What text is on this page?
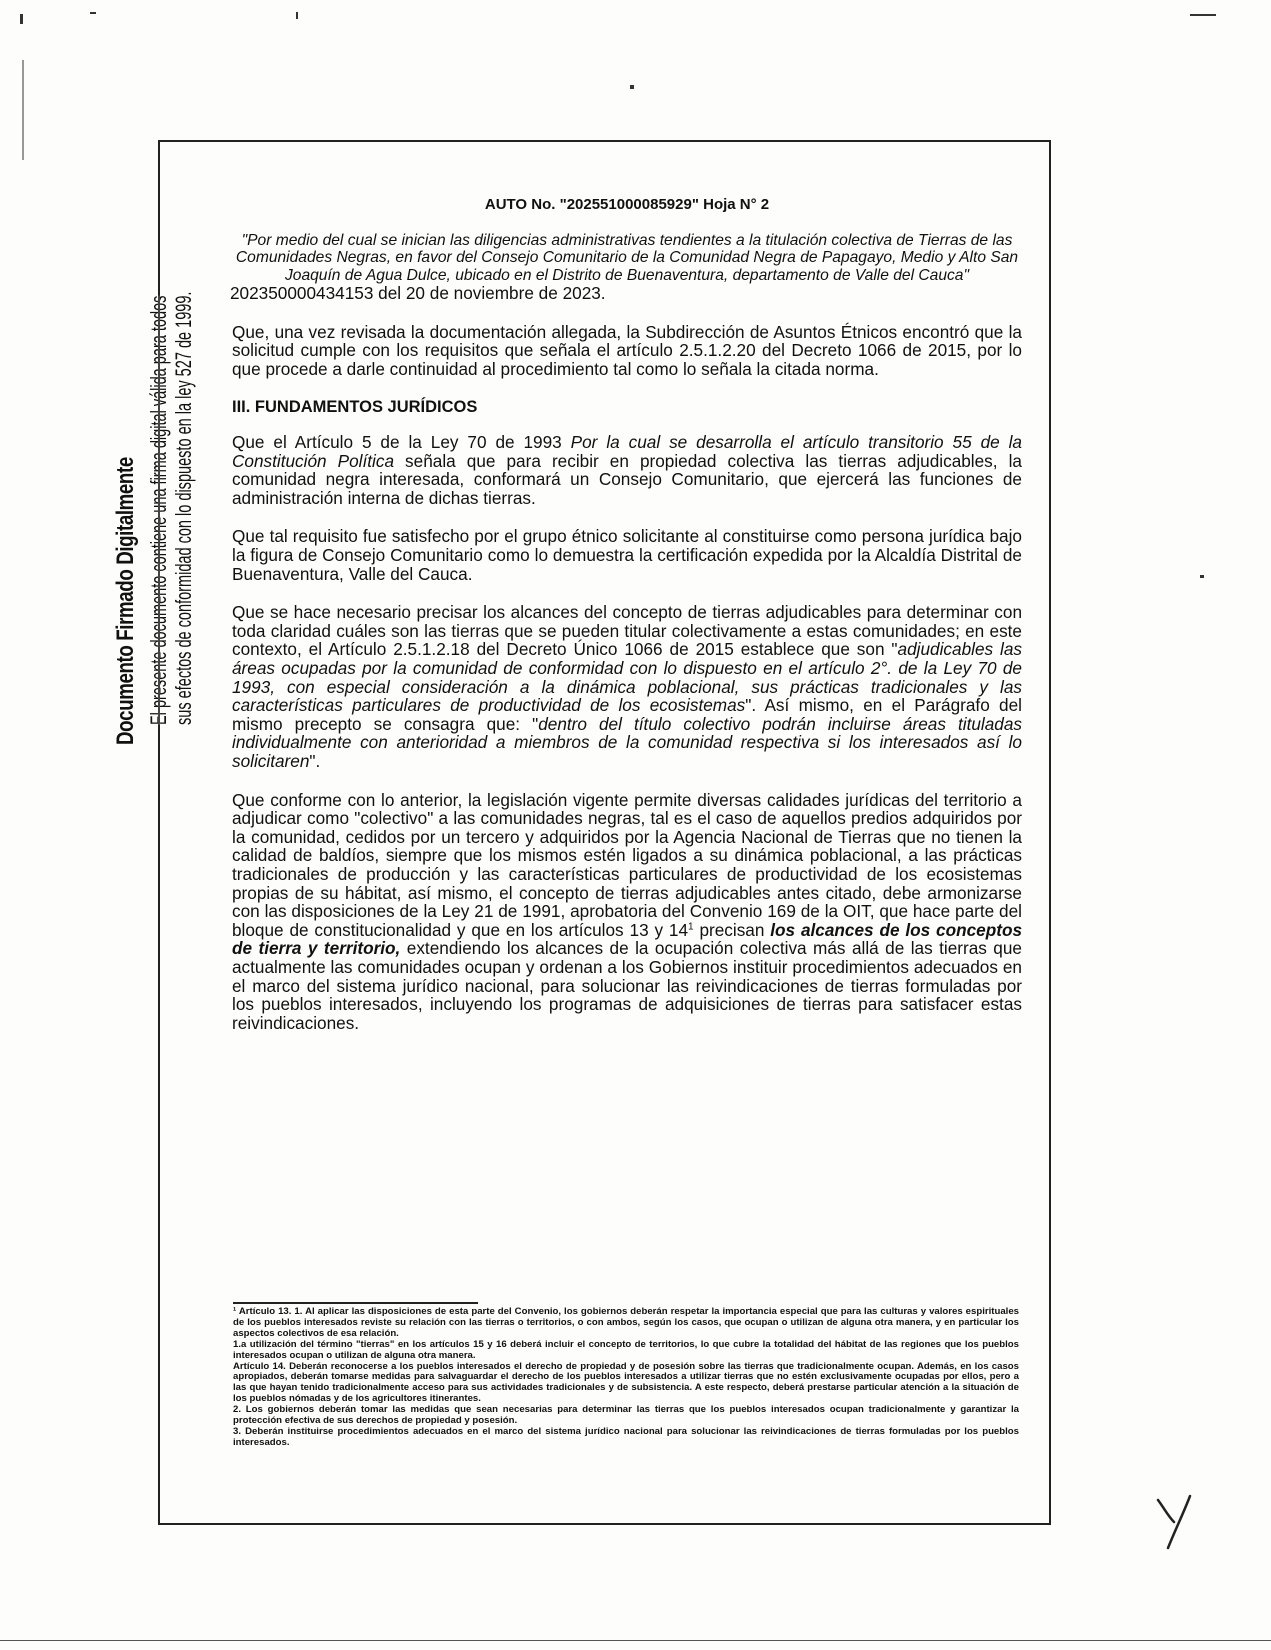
Documento Firmado Digitalmente El presente documento contiene una firma digital válida para todos sus efectos de conformidad con lo dispuesto en la ley 527 de 1999.
AUTO No. "202551000085929" Hoja N° 2
"Por medio del cual se inician las diligencias administrativas tendientes a la titulación colectiva de Tierras de las Comunidades Negras, en favor del Consejo Comunitario de la Comunidad Negra de Papagayo, Medio y Alto San Joaquín de Agua Dulce, ubicado en el Distrito de Buenaventura, departamento de Valle del Cauca"
202350000434153 del 20 de noviembre de 2023.

Que, una vez revisada la documentación allegada, la Subdirección de Asuntos Étnicos encontró que la solicitud cumple con los requisitos que señala el artículo 2.5.1.2.20 del Decreto 1066 de 2015, por lo que procede a darle continuidad al procedimiento tal como lo señala la citada norma.

III. FUNDAMENTOS JURÍDICOS

Que el Artículo 5 de la Ley 70 de 1993 Por la cual se desarrolla el artículo transitorio 55 de la Constitución Política señala que para recibir en propiedad colectiva las tierras adjudicables, la comunidad negra interesada, conformará un Consejo Comunitario, que ejercerá las funciones de administración interna de dichas tierras.

Que tal requisito fue satisfecho por el grupo étnico solicitante al constituirse como persona jurídica bajo la figura de Consejo Comunitario como lo demuestra la certificación expedida por la Alcaldía Distrital de Buenaventura, Valle del Cauca.

Que se hace necesario precisar los alcances del concepto de tierras adjudicables para determinar con toda claridad cuáles son las tierras que se pueden titular colectivamente a estas comunidades; en este contexto, el Artículo 2.5.1.2.18 del Decreto Único 1066 de 2015 establece que son "adjudicables las áreas ocupadas por la comunidad de conformidad con lo dispuesto en el artículo 2°. de la Ley 70 de 1993, con especial consideración a la dinámica poblacional, sus prácticas tradicionales y las características particulares de productividad de los ecosistemas". Así mismo, en el Parágrafo del mismo precepto se consagra que: "dentro del título colectivo podrán incluirse áreas tituladas individualmente con anterioridad a miembros de la comunidad respectiva si los interesados así lo solicitaren".

Que conforme con lo anterior, la legislación vigente permite diversas calidades jurídicas del territorio a adjudicar como "colectivo" a las comunidades negras, tal es el caso de aquellos predios adquiridos por la comunidad, cedidos por un tercero y adquiridos por la Agencia Nacional de Tierras que no tienen la calidad de baldíos, siempre que los mismos estén ligados a su dinámica poblacional, a las prácticas tradicionales de producción y las características particulares de productividad de los ecosistemas propias de su hábitat, así mismo, el concepto de tierras adjudicables antes citado, debe armonizarse con las disposiciones de la Ley 21 de 1991, aprobatoria del Convenio 169 de la OIT, que hace parte del bloque de constitucionalidad y que en los artículos 13 y 14$^1$ precisan los alcances de los conceptos de tierra y territorio, extendiendo los alcances de la ocupación colectiva más allá de las tierras que actualmente las comunidades ocupan y ordenan a los Gobiernos instituir procedimientos adecuados en el marco del sistema jurídico nacional, para solucionar las reivindicaciones de tierras formuladas por los pueblos interesados, incluyendo los programas de adquisiciones de tierras para satisfacer estas reivindicaciones.

¹ Artículo 13. 1. Al aplicar las disposiciones de esta parte del Convenio, los gobiernos deberán respetar la importancia especial que para las culturas y valores espirituales de los pueblos interesados reviste su relación con las tierras o territorios, o con ambos, según los casos, que ocupan o utilizan de alguna otra manera, y en particular los aspectos colectivos de esa relación.
1.a utilización del término "tierras" en los artículos 15 y 16 deberá incluir el concepto de territorios, lo que cubre la totalidad del hábitat de las regiones que los pueblos interesados ocupan o utilizan de alguna otra manera.
Artículo 14. Deberán reconocerse a los pueblos interesados el derecho de propiedad y de posesión sobre las tierras que tradicionalmente ocupan. Además, en los casos apropiados, deberán tomarse medidas para salvaguardar el derecho de los pueblos interesados a utilizar tierras que no estén exclusivamente ocupadas por ellos, pero a las que hayan tenido tradicionalmente acceso para sus actividades tradicionales y de subsistencia. A este respecto, deberá prestarse particular atención a la situación de los pueblos nómadas y de los agricultores itinerantes.
2. Los gobiernos deberán tomar las medidas que sean necesarias para determinar las tierras que los pueblos interesados ocupan tradicionalmente y garantizar la protección efectiva de sus derechos de propiedad y posesión.
3. Deberán instituirse procedimientos adecuados en el marco del sistema jurídico nacional para solucionar las reivindicaciones de tierras formuladas por los pueblos interesados.
